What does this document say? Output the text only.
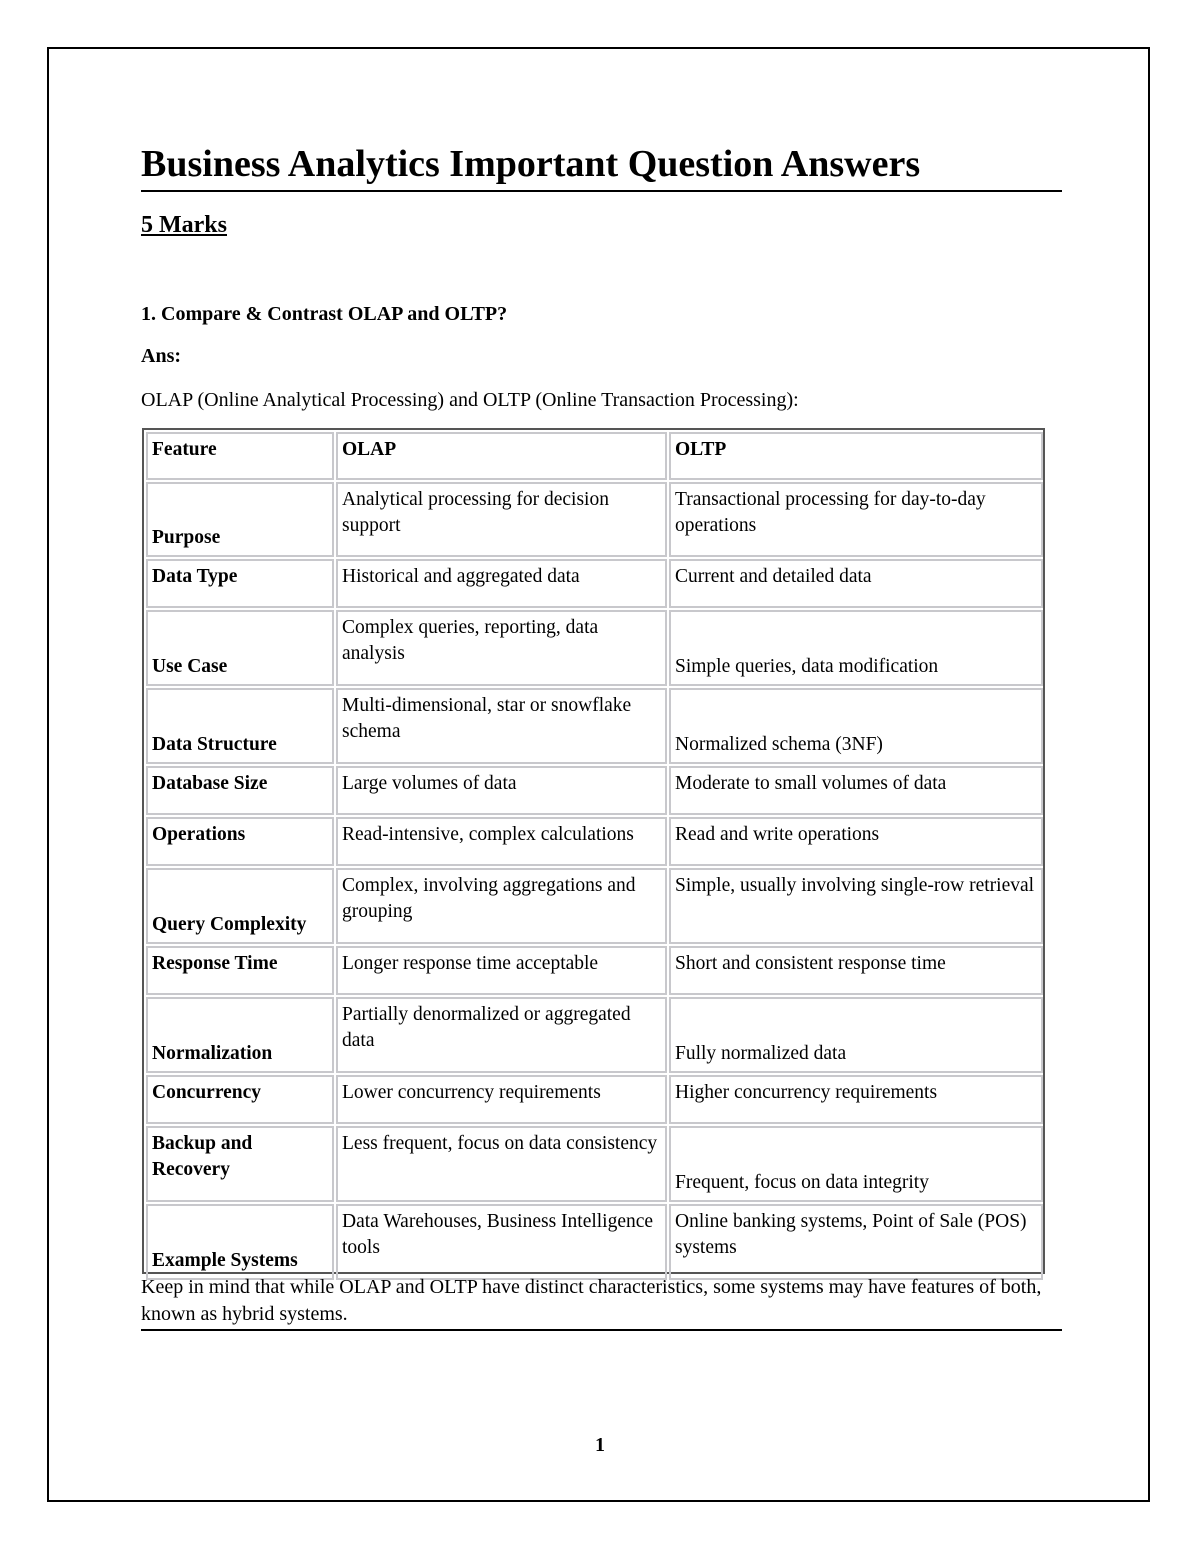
Business Analytics Important Question Answers
5 Marks

1. Compare & Contrast OLAP and OLTP?

Ans:

OLAP (Online Analytical Processing) and OLTP (Online Transaction Processing):

Feature	OLAP	OLTP
Purpose	Analytical processing for decision support	Transactional processing for day-to-day operations
Data Type	Historical and aggregated data	Current and detailed data
Use Case	Complex queries, reporting, data analysis	Simple queries, data modification
Data Structure	Multi-dimensional, star or snowflake schema	Normalized schema (3NF)
Database Size	Large volumes of data	Moderate to small volumes of data
Operations	Read-intensive, complex calculations	Read and write operations
Query Complexity	Complex, involving aggregations and grouping	Simple, usually involving single-row retrieval
Response Time	Longer response time acceptable	Short and consistent response time
Normalization	Partially denormalized or aggregated data	Fully normalized data
Concurrency	Lower concurrency requirements	Higher concurrency requirements
Backup and Recovery	Less frequent, focus on data consistency	Frequent, focus on data integrity
Example Systems	Data Warehouses, Business Intelligence tools	Online banking systems, Point of Sale (POS) systems

Keep in mind that while OLAP and OLTP have distinct characteristics, some systems may have features of both, known as hybrid systems.

1
